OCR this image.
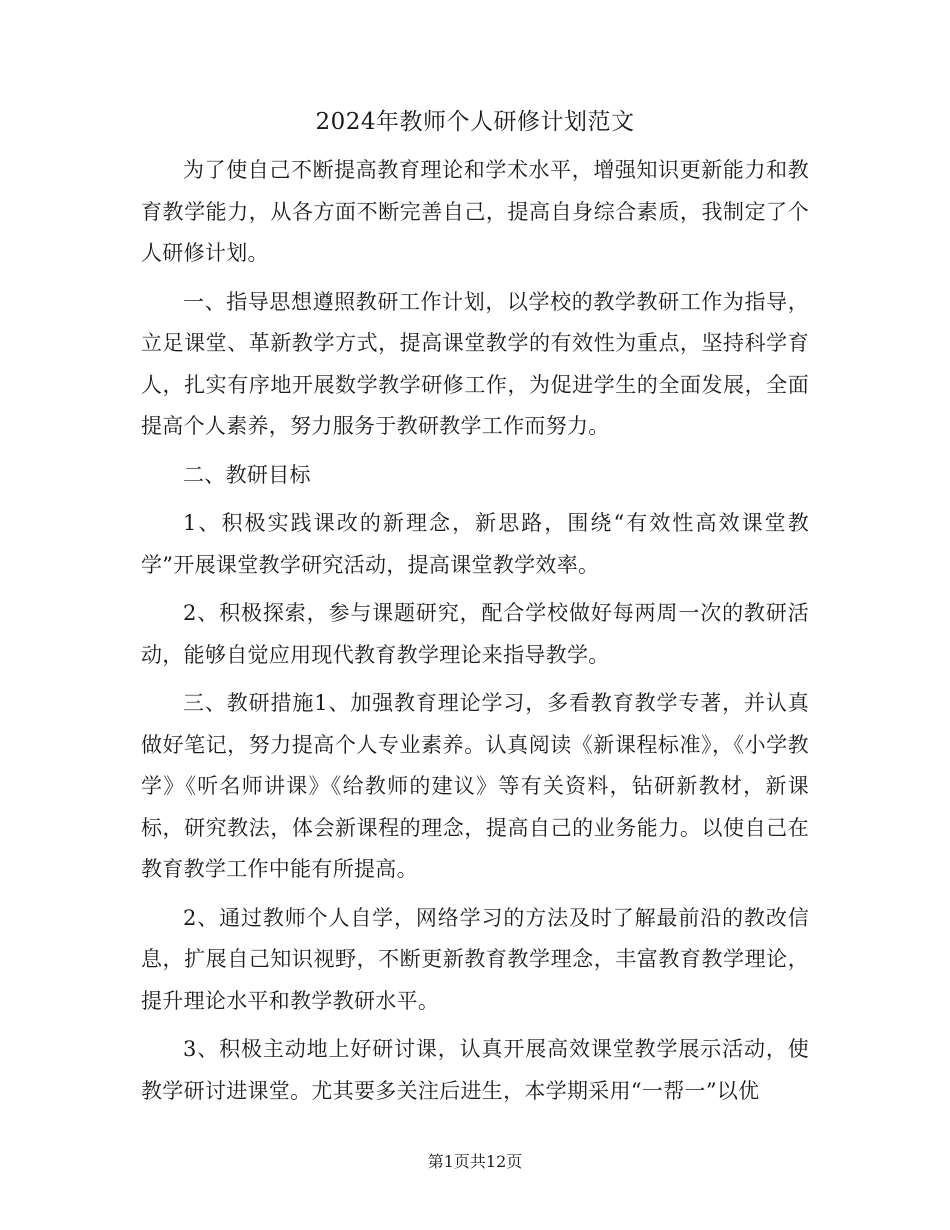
2024年教师个人研修计划范文

为了使自己不断提高教育理论和学术水平，增强知识更新能力和教育教学能力，从各方面不断完善自己，提高自身综合素质，我制定了个人研修计划。

一、指导思想遵照教研工作计划，以学校的教学教研工作为指导，立足课堂、革新教学方式，提高课堂教学的有效性为重点，坚持科学育人，扎实有序地开展数学教学研修工作，为促进学生的全面发展，全面提高个人素养，努力服务于教研教学工作而努力。

二、教研目标

1、积极实践课改的新理念，新思路，围绕“有效性高效课堂教学”开展课堂教学研究活动，提高课堂教学效率。

2、积极探索，参与课题研究，配合学校做好每两周一次的教研活动，能够自觉应用现代教育教学理论来指导教学。

三、教研措施1、加强教育理论学习，多看教育教学专著，并认真做好笔记，努力提高个人专业素养。认真阅读《新课程标准》，《小学教学》《听名师讲课》《给教师的建议》等有关资料，钻研新教材，新课标，研究教法，体会新课程的理念，提高自己的业务能力。以使自己在教育教学工作中能有所提高。

2、通过教师个人自学，网络学习的方法及时了解最前沿的教改信息，扩展自己知识视野，不断更新教育教学理念，丰富教育教学理论，提升理论水平和教学教研水平。

3、积极主动地上好研讨课，认真开展高效课堂教学展示活动，使教学研讨进课堂。尤其要多关注后进生，本学期采用“一帮一”以优

第1页共12页
